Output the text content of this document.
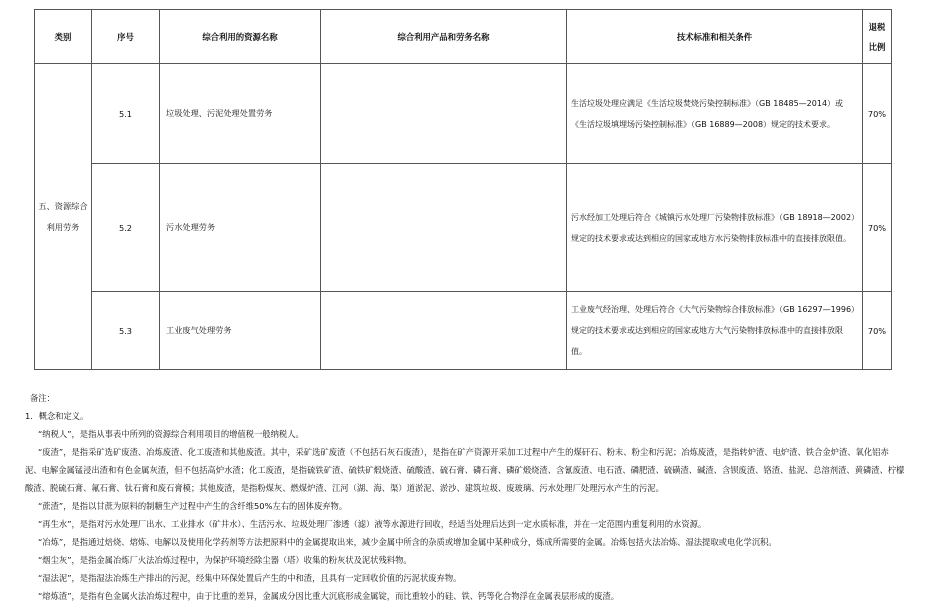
类别	序号	综合利用的资源名称	综合利用产品和劳务名称	技术标准和相关条件	退税
比例
五、资源综合利用劳务	5.1	垃圾处理、污泥处理处置劳务		生活垃圾处理应满足《生活垃圾焚烧污染控制标准》（GB 18485—2014）或《生活垃圾填埋场污染控制标准》（GB 16889—2008）规定的技术要求。	70%
	5.2	污水处理劳务		污水经加工处理后符合《城镇污水处理厂污染物排放标准》（GB 18918—2002）规定的技术要求或达到相应的国家或地方水污染物排放标准中的直接排放限值。	70%
	5.3	工业废气处理劳务		工业废气经治理、处理后符合《大气污染物综合排放标准》（GB 16297—1996）规定的技术要求或达到相应的国家或地方大气污染物排放标准中的直接排放限值。	70%

备注：

1．概念和定义。

“纳税人”，是指从事表中所列的资源综合利用项目的增值税一般纳税人。

“废渣”，是指采矿选矿废渣、冶炼废渣、化工废渣和其他废渣。其中，采矿选矿废渣（不包括石灰石废渣），是指在矿产资源开采加工过程中产生的煤矸石、粉末、粉尘和污泥；冶炼废渣，是指转炉渣、电炉渣、铁合金炉渣、氧化铝赤泥、电解金属锰浸出渣和有色金属灰渣，但不包括高炉水渣；化工废渣，是指硫铁矿渣、硫铁矿煅烧渣、硫酸渣、硫石膏、磷石膏、磷矿煅烧渣、含氰废渣、电石渣、磷肥渣、硫磺渣、碱渣、含钡废渣、铬渣、盐泥、总溶剂渣、黄磷渣、柠檬酸渣、脱硫石膏、氟石膏、钛石膏和废石膏模；其他废渣，是指粉煤灰、燃煤炉渣、江河（湖、海、渠）道淤泥、淤沙、建筑垃圾、废玻璃、污水处理厂处理污水产生的污泥。

“蔗渣”，是指以甘蔗为原料的制糖生产过程中产生的含纤维50%左右的固体废弃物。

“再生水”，是指对污水处理厂出水、工业排水（矿井水）、生活污水、垃圾处理厂渗透（滤）液等水源进行回收，经适当处理后达到一定水质标准，并在一定范围内重复利用的水资源。

“冶炼”，是指通过焙烧、熔炼、电解以及使用化学药剂等方法把原料中的金属提取出来，减少金属中所含的杂质或增加金属中某种成分，炼成所需要的金属。冶炼包括火法冶炼、湿法提取或电化学沉积。

“烟尘灰”，是指金属冶炼厂火法冶炼过程中，为保护环境经除尘器（塔）收集的粉灰状及泥状残料物。

“湿法泥”，是指湿法冶炼生产排出的污泥，经集中环保处置后产生的中和渣，且具有一定回收价值的污泥状废弃物。

“熔炼渣”，是指有色金属火法冶炼过程中，由于比重的差异，金属成分因比重大沉底形成金属锭，而比重较小的硅、铁、钙等化合物浮在金属表层形成的废渣。
